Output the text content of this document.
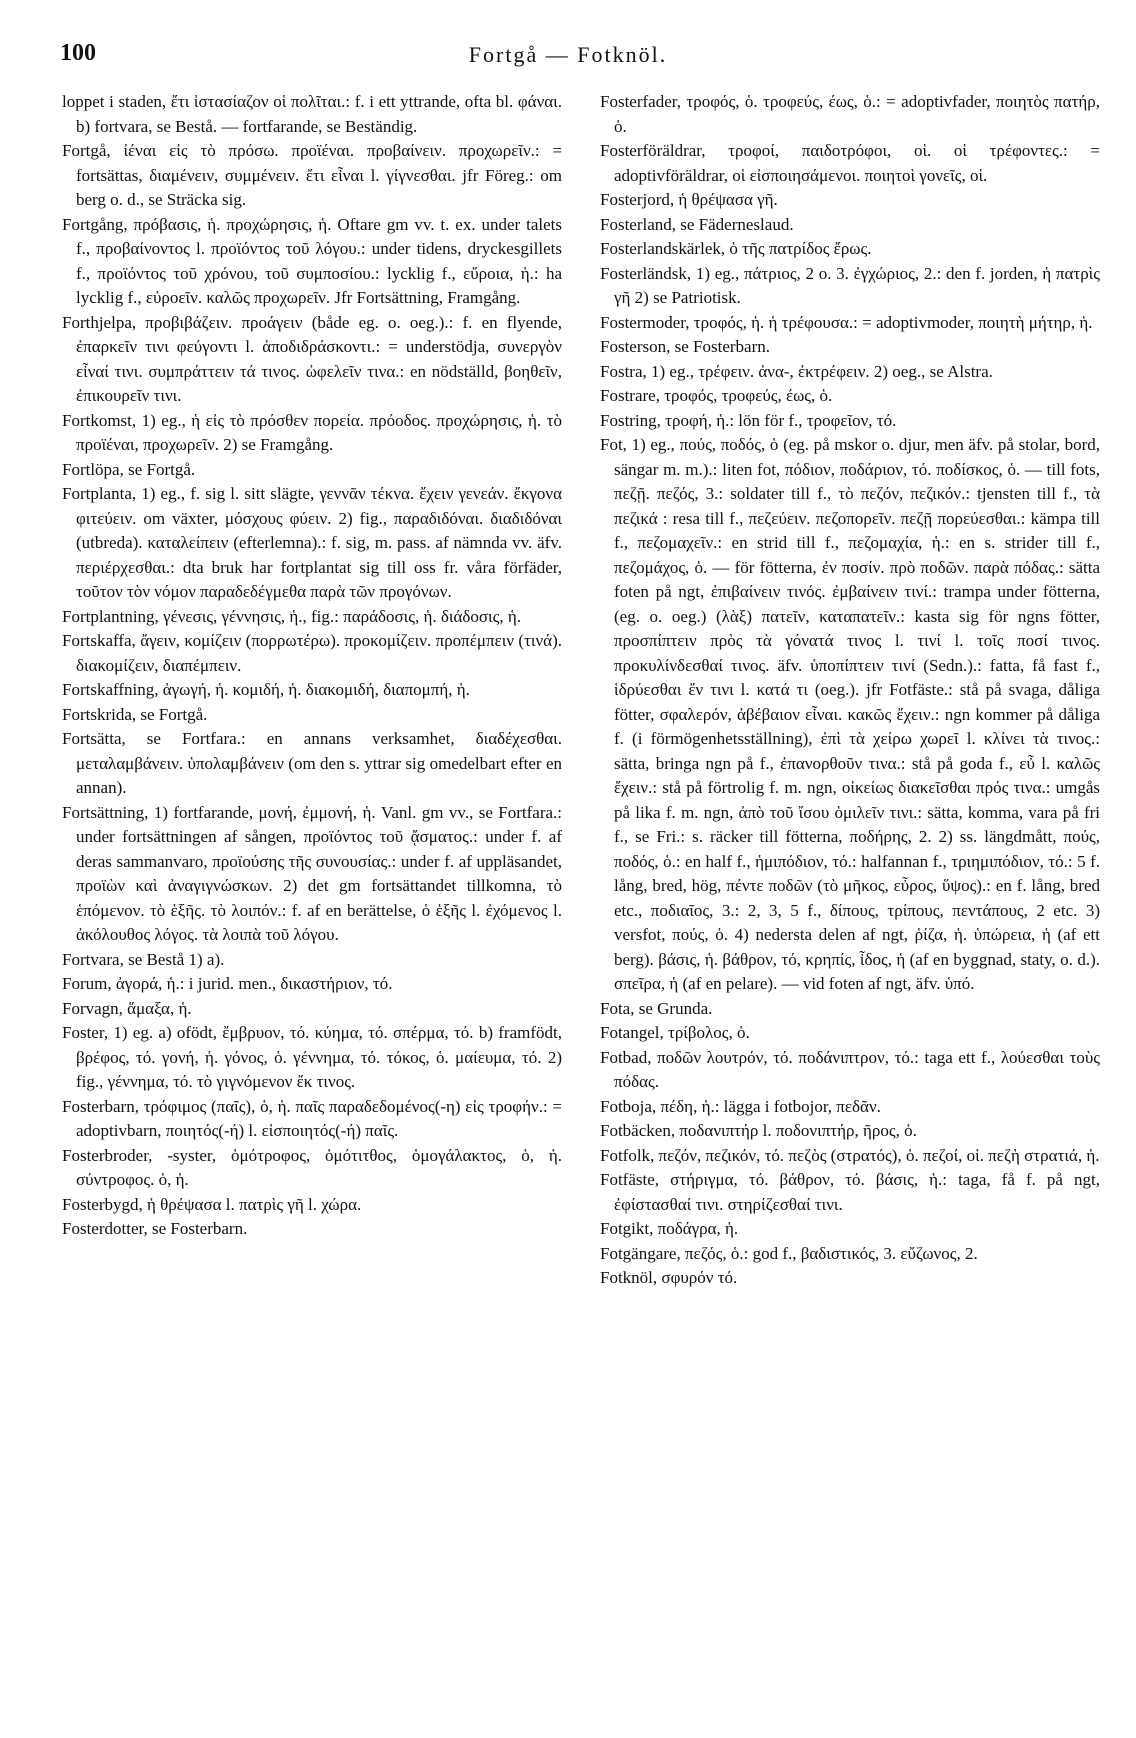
100	Fortgå — Fotknöl.

loppet i staden, ἔτι ἰστασίαζον οἱ πολῖται.: f. i ett yttrande, ofta bl. φάναι. b) fortvara, se Bestå. — fortfarande, se Beständig.

Fortgå, ἰέναι εἰς τὸ πρόσω. προϊέναι. προβαίνειν. προχωρεῖν.: = fortsättas, διαμένειν, συμμένειν. ἔτι εἶναι l. γίγνεσθαι. jfr Föreg.: om berg o. d., se Sträcka sig.

Fortgång, πρόβασις, ἡ. προχώρησις, ἡ. Oftare gm vv. t. ex. under talets f., προβαίνοντος l. προϊόντος τοῦ λόγου.: under tidens, dryckesgillets f., προϊόντος τοῦ χρόνου, τοῦ συμποσίου.: lycklig f., εὔροια, ἡ.: ha lycklig f., εὐροεῖν. καλῶς προχωρεῖν. Jfr Fortsättning, Framgång.

Forthjelpa, προβιβάζειν. προάγειν (både eg. o. oeg.).: f. en flyende, ἐπαρκεῖν τινι φεύγοντι l. ἀποδιδράσκοντι.: = understödja, συνεργὸν εἶναί τινι. συμπράττειν τά τινος. ὠφελεῖν τινα.: en nödställd, βοηθεῖν, ἐπικουρεῖν τινι.

Fortkomst, 1) eg., ἡ εἰς τὸ πρόσθεν πορεία. πρόοδος. προχώρησις, ἡ. τὸ προϊέναι, προχωρεῖν. 2) se Framgång.

Fortlöpa, se Fortgå.

Fortplanta, 1) eg., f. sig l. sitt slägte, γεννᾶν τέκνα. ἔχειν γενεάν. ἔκγονα φιτεύειν. om växter, μόσχους φύειν. 2) fig., παραδιδόναι. διαδιδόναι (utbreda). καταλείπειν (efterlemna).: f. sig, m. pass. af nämnda vv. äfv. περιέρχεσθαι.: dta bruk har fortplantat sig till oss fr. våra förfäder, τοῦτον τὸν νόμον παραδεδέγμεθα παρὰ τῶν προγόνων.

Fortplantning, γένεσις, γέννησις, ἡ., fig.: παράδοσις, ἡ. διάδοσις, ἡ.

Fortskaffa, ἄγειν, κομίζειν (πορρωτέρω). προκομίζειν. προπέμπειν (τινά). διακομίζειν, διαπέμπειν.

Fortskaffning, ἀγωγή, ἡ. κομιδή, ἡ. διακομιδή, διαπομπή, ἡ.

Fortskrida, se Fortgå.

Fortsätta, se Fortfara.: en annans verksamhet, διαδέχεσθαι. μεταλαμβάνειν. ὑπολαμβάνειν (om den s. yttrar sig omedelbart efter en annan).

Fortsättning, 1) fortfarande, μονή, ἐμμονή, ἡ. Vanl. gm vv., se Fortfara.: under fortsättningen af sången, προϊόντος τοῦ ᾄσματος.: under f. af deras sammanvaro, προϊούσης τῆς συνουσίας.: under f. af uppläsandet, προϊὼν καὶ ἀναγιγνώσκων. 2) det gm fortsättandet tillkomna, τὸ ἑπόμενον. τὸ ἑξῆς. τὸ λοιπόν.: f. af en berättelse, ὁ ἑξῆς l. ἐχόμενος l. ἀκόλουθος λόγος. τὰ λοιπὰ τοῦ λόγου.

Fortvara, se Bestå 1) a).

Forum, ἀγορά, ἡ.: i jurid. men., δικαστήριον, τό.

Forvagn, ἅμαξα, ἡ.

Foster, 1) eg. a) ofödt, ἔμβρυον, τό. κύημα, τό. σπέρμα, τό. b) framfödt, βρέφος, τό. γονή, ἡ. γόνος, ὁ. γέννημα, τό. τόκος, ὁ. μαίευμα, τό. 2) fig., γέννημα, τό. τὸ γιγνόμενον ἔκ τινος.

Fosterbarn, τρόφιμος (παῖς), ὁ, ἡ. παῖς παραδεδομένος(-η) εἰς τροφήν.: = adoptivbarn, ποιητός(-ή) l. εἰσποιητός(-ή) παῖς.

Fosterbroder, -syster, ὁμότροφος, ὁμότιτθος, ὁμογάλακτος, ὁ, ἡ. σύντροφος. ὁ, ἡ.

Fosterbygd, ἡ θρέψασα l. πατρὶς γῆ l. χώρα.

Fosterdotter, se Fosterbarn.

Fosterfader, τροφός, ὁ. τροφεύς, έως, ὁ.: = adoptivfader, ποιητὸς πατήρ, ὁ.

Fosterföräldrar, τροφοί, παιδοτρόφοι, οἱ. οἱ τρέφοντες.: = adoptivföräldrar, οἱ εἰσποιησάμενοι. ποιητοὶ γονεῖς, οἱ.

Fosterjord, ἡ θρέψασα γῆ.

Fosterland, se Fäderneslaud.

Fosterlandskärlek, ὁ τῆς πατρίδος ἔρως.

Fosterländsk, 1) eg., πάτριος, 2 o. 3. ἐγχώριος, 2.: den f. jorden, ἡ πατρὶς γῆ 2) se Patriotisk.

Fostermoder, τροφός, ἡ. ἡ τρέφουσα.: = adoptivmoder, ποιητὴ μήτηρ, ἡ.

Fosterson, se Fosterbarn.

Fostra, 1) eg., τρέφειν. ἀνα-, ἐκτρέφειν. 2) oeg., se Alstra.

Fostrare, τροφός, τροφεύς, έως, ὁ.

Fostring, τροφή, ἡ.: lön för f., τροφεῖον, τό.

Fot, 1) eg., πούς, ποδός, ὁ (eg. på mskor o. djur, men äfv. på stolar, bord, sängar m. m.).: liten fot, πόδιον, ποδάριον, τό. ποδίσκος, ὁ. — till fots, πεζῇ. πεζός, 3.: soldater till f., τὸ πεζόν, πεζικόν.: tjensten till f., τὰ πεζικά : resa till f., πεζεύειν. πεζοπορεῖν. πεζῇ πορεύεσθαι.: kämpa till f., πεζομαχεῖν.: en strid till f., πεζομαχία, ἡ.: en s. strider till f., πεζομάχος, ὁ. — för fötterna, ἐν ποσίν. πρὸ ποδῶν. παρὰ πόδας.: sätta foten på ngt, ἐπιβαίνειν τινός. ἐμβαίνειν τινί.: trampa under fötterna, (eg. o. oeg.) (λὰξ) πατεῖν, καταπατεῖν.: kasta sig för ngns fötter, προσπίπτειν πρὸς τὰ γόνατά τινος l. τινί l. τοῖς ποσί τινος. προκυλίνδεσθαί τινος. äfv. ὑποπίπτειν τινί (Sedn.).: fatta, få fast f., ἱδρύεσθαι ἔν τινι l. κατά τι (oeg.). jfr Fotfäste.: stå på svaga, dåliga fötter, σφαλερόν, ἀβέβαιον εἶναι. κακῶς ἔχειν.: ngn kommer på dåliga f. (i förmögenhetsställning), ἐπὶ τὰ χείρω χωρεῖ l. κλίνει τὰ τινος.: sätta, bringa ngn på f., ἐπανορθοῦν τινα.: stå på goda f., εὖ l. καλῶς ἔχειν.: stå på förtrolig f. m. ngn, οἰκείως διακεῖσθαι πρός τινα.: umgås på lika f. m. ngn, ἀπὸ τοῦ ἴσου ὁμιλεῖν τινι.: sätta, komma, vara på fri f., se Fri.: s. räcker till fötterna, ποδήρης, 2. 2) ss. längdmått, πούς, ποδός, ὁ.: en half f., ἡμιπόδιον, τό.: halfannan f., τριημιπόδιον, τό.: 5 f. lång, bred, hög, πέντε ποδῶν (τὸ μῆκος, εὖρος, ὕψος).: en f. lång, bred etc., ποδιαῖος, 3.: 2, 3, 5 f., δίπους, τρίπους, πεντάπους, 2 etc. 3) versfot, πούς, ὁ. 4) nedersta delen af ngt, ῥίζα, ἡ. ὑπώρεια, ἡ (af ett berg). βάσις, ἡ. βάθρον, τό, κρηπίς, ἶδος, ἡ (af en byggnad, staty, o. d.). σπεῖρα, ἡ (af en pelare). — vid foten af ngt, äfv. ὑπό.

Fota, se Grunda.

Fotangel, τρίβολος, ὁ.

Fotbad, ποδῶν λουτρόν, τό. ποδάνιπτρον, τό.: taga ett f., λούεσθαι τοὺς πόδας.

Fotboja, πέδη, ἡ.: lägga i fotbojor, πεδᾶν.

Fotbäcken, ποδανιπτήρ l. ποδονιπτήρ, ῆρος, ὁ.

Fotfolk, πεζόν, πεζικόν, τό. πεζὸς (στρατός), ὁ. πεζοί, οἱ. πεζὴ στρατιά, ἡ.

Fotfäste, στήριγμα, τό. βάθρον, τό. βάσις, ἡ.: taga, få f. på ngt, ἐφίστασθαί τινι. στηρίζεσθαί τινι.

Fotgikt, ποδάγρα, ἡ.

Fotgängare, πεζός, ὁ.: god f., βαδιστικός, 3. εὔζωνος, 2.

Fotknöl, σφυρόν τό.
